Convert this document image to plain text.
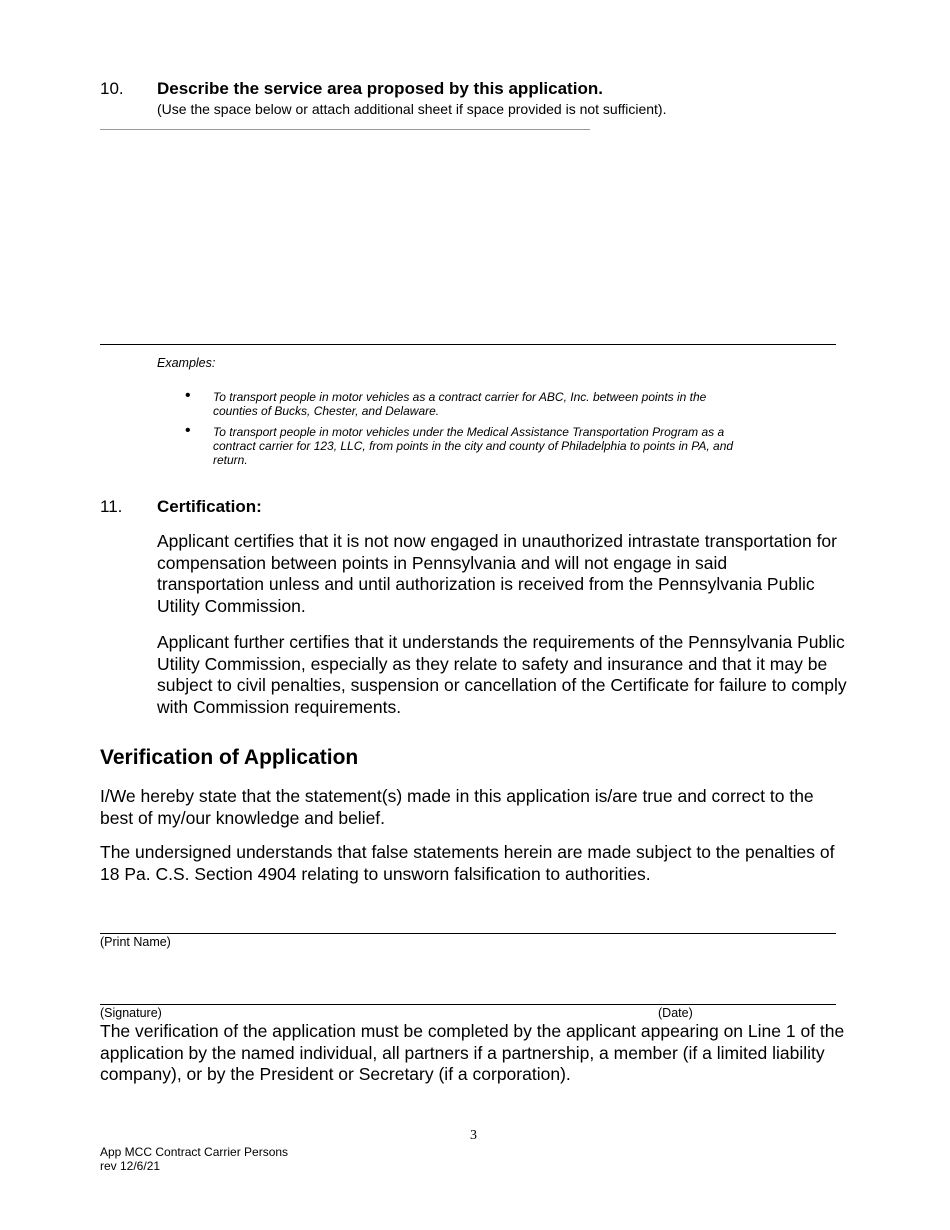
10. Describe the service area proposed by this application.
(Use the space below or attach additional sheet if space provided is not sufficient).
Examples:
• To transport people in motor vehicles as a contract carrier for ABC, Inc. between points in the counties of Bucks, Chester, and Delaware.
• To transport people in motor vehicles under the Medical Assistance Transportation Program as a contract carrier for 123, LLC, from points in the city and county of Philadelphia to points in PA, and return.
11. Certification:
Applicant certifies that it is not now engaged in unauthorized intrastate transportation for compensation between points in Pennsylvania and will not engage in said transportation unless and until authorization is received from the Pennsylvania Public Utility Commission.
Applicant further certifies that it understands the requirements of the Pennsylvania Public Utility Commission, especially as they relate to safety and insurance and that it may be subject to civil penalties, suspension or cancellation of the Certificate for failure to comply with Commission requirements.
Verification of Application
I/We hereby state that the statement(s) made in this application is/are true and correct to the best of my/our knowledge and belief.
The undersigned understands that false statements herein are made subject to the penalties of 18 Pa. C.S. Section 4904 relating to unsworn falsification to authorities.
(Print Name)
(Signature)	(Date)
The verification of the application must be completed by the applicant appearing on Line 1 of the application by the named individual, all partners if a partnership, a member (if a limited liability company), or by the President or Secretary (if a corporation).
3
App MCC Contract Carrier Persons
rev 12/6/21
